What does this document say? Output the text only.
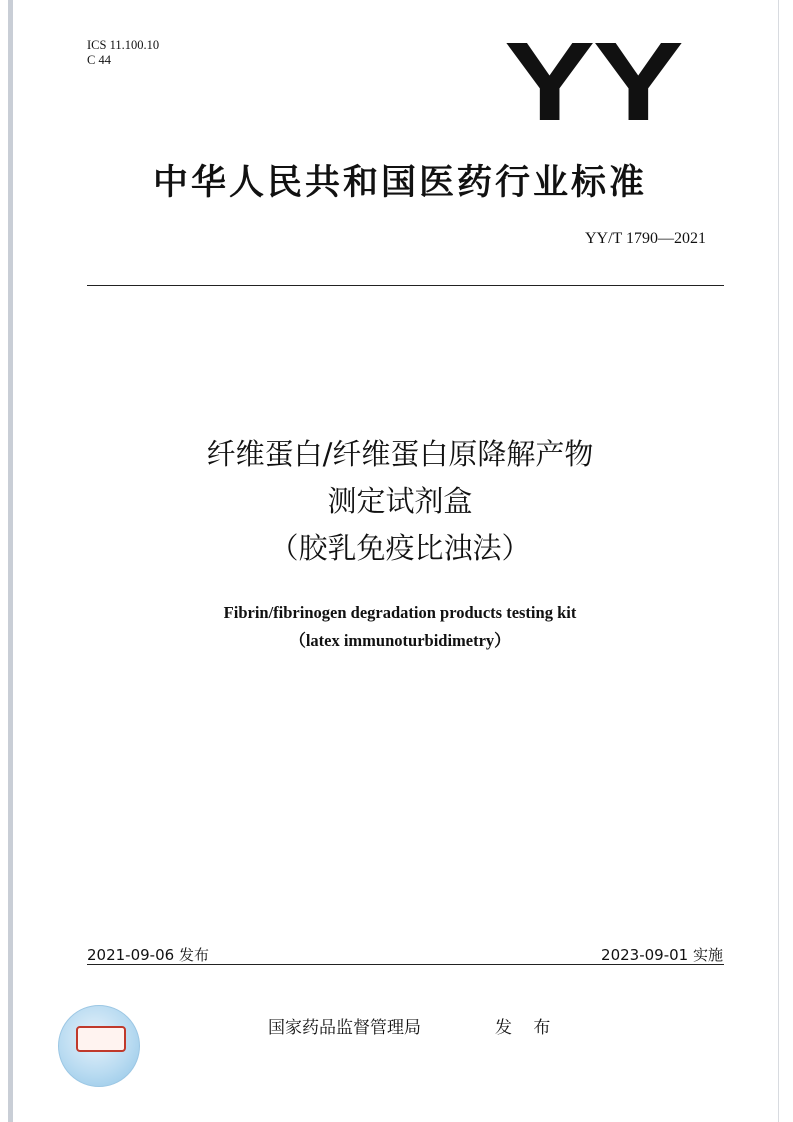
ICS 11.100.10
C 44	YY
中华人民共和国医药行业标准
YY/T 1790—2021
纤维蛋白/纤维蛋白原降解产物
测定试剂盒
（胶乳免疫比浊法）
Fibrin/fibrinogen degradation products testing kit
（latex immunoturbidimetry）
2021-09-06 发布	2023-09-01 实施
国家药品监督管理局	发 布
